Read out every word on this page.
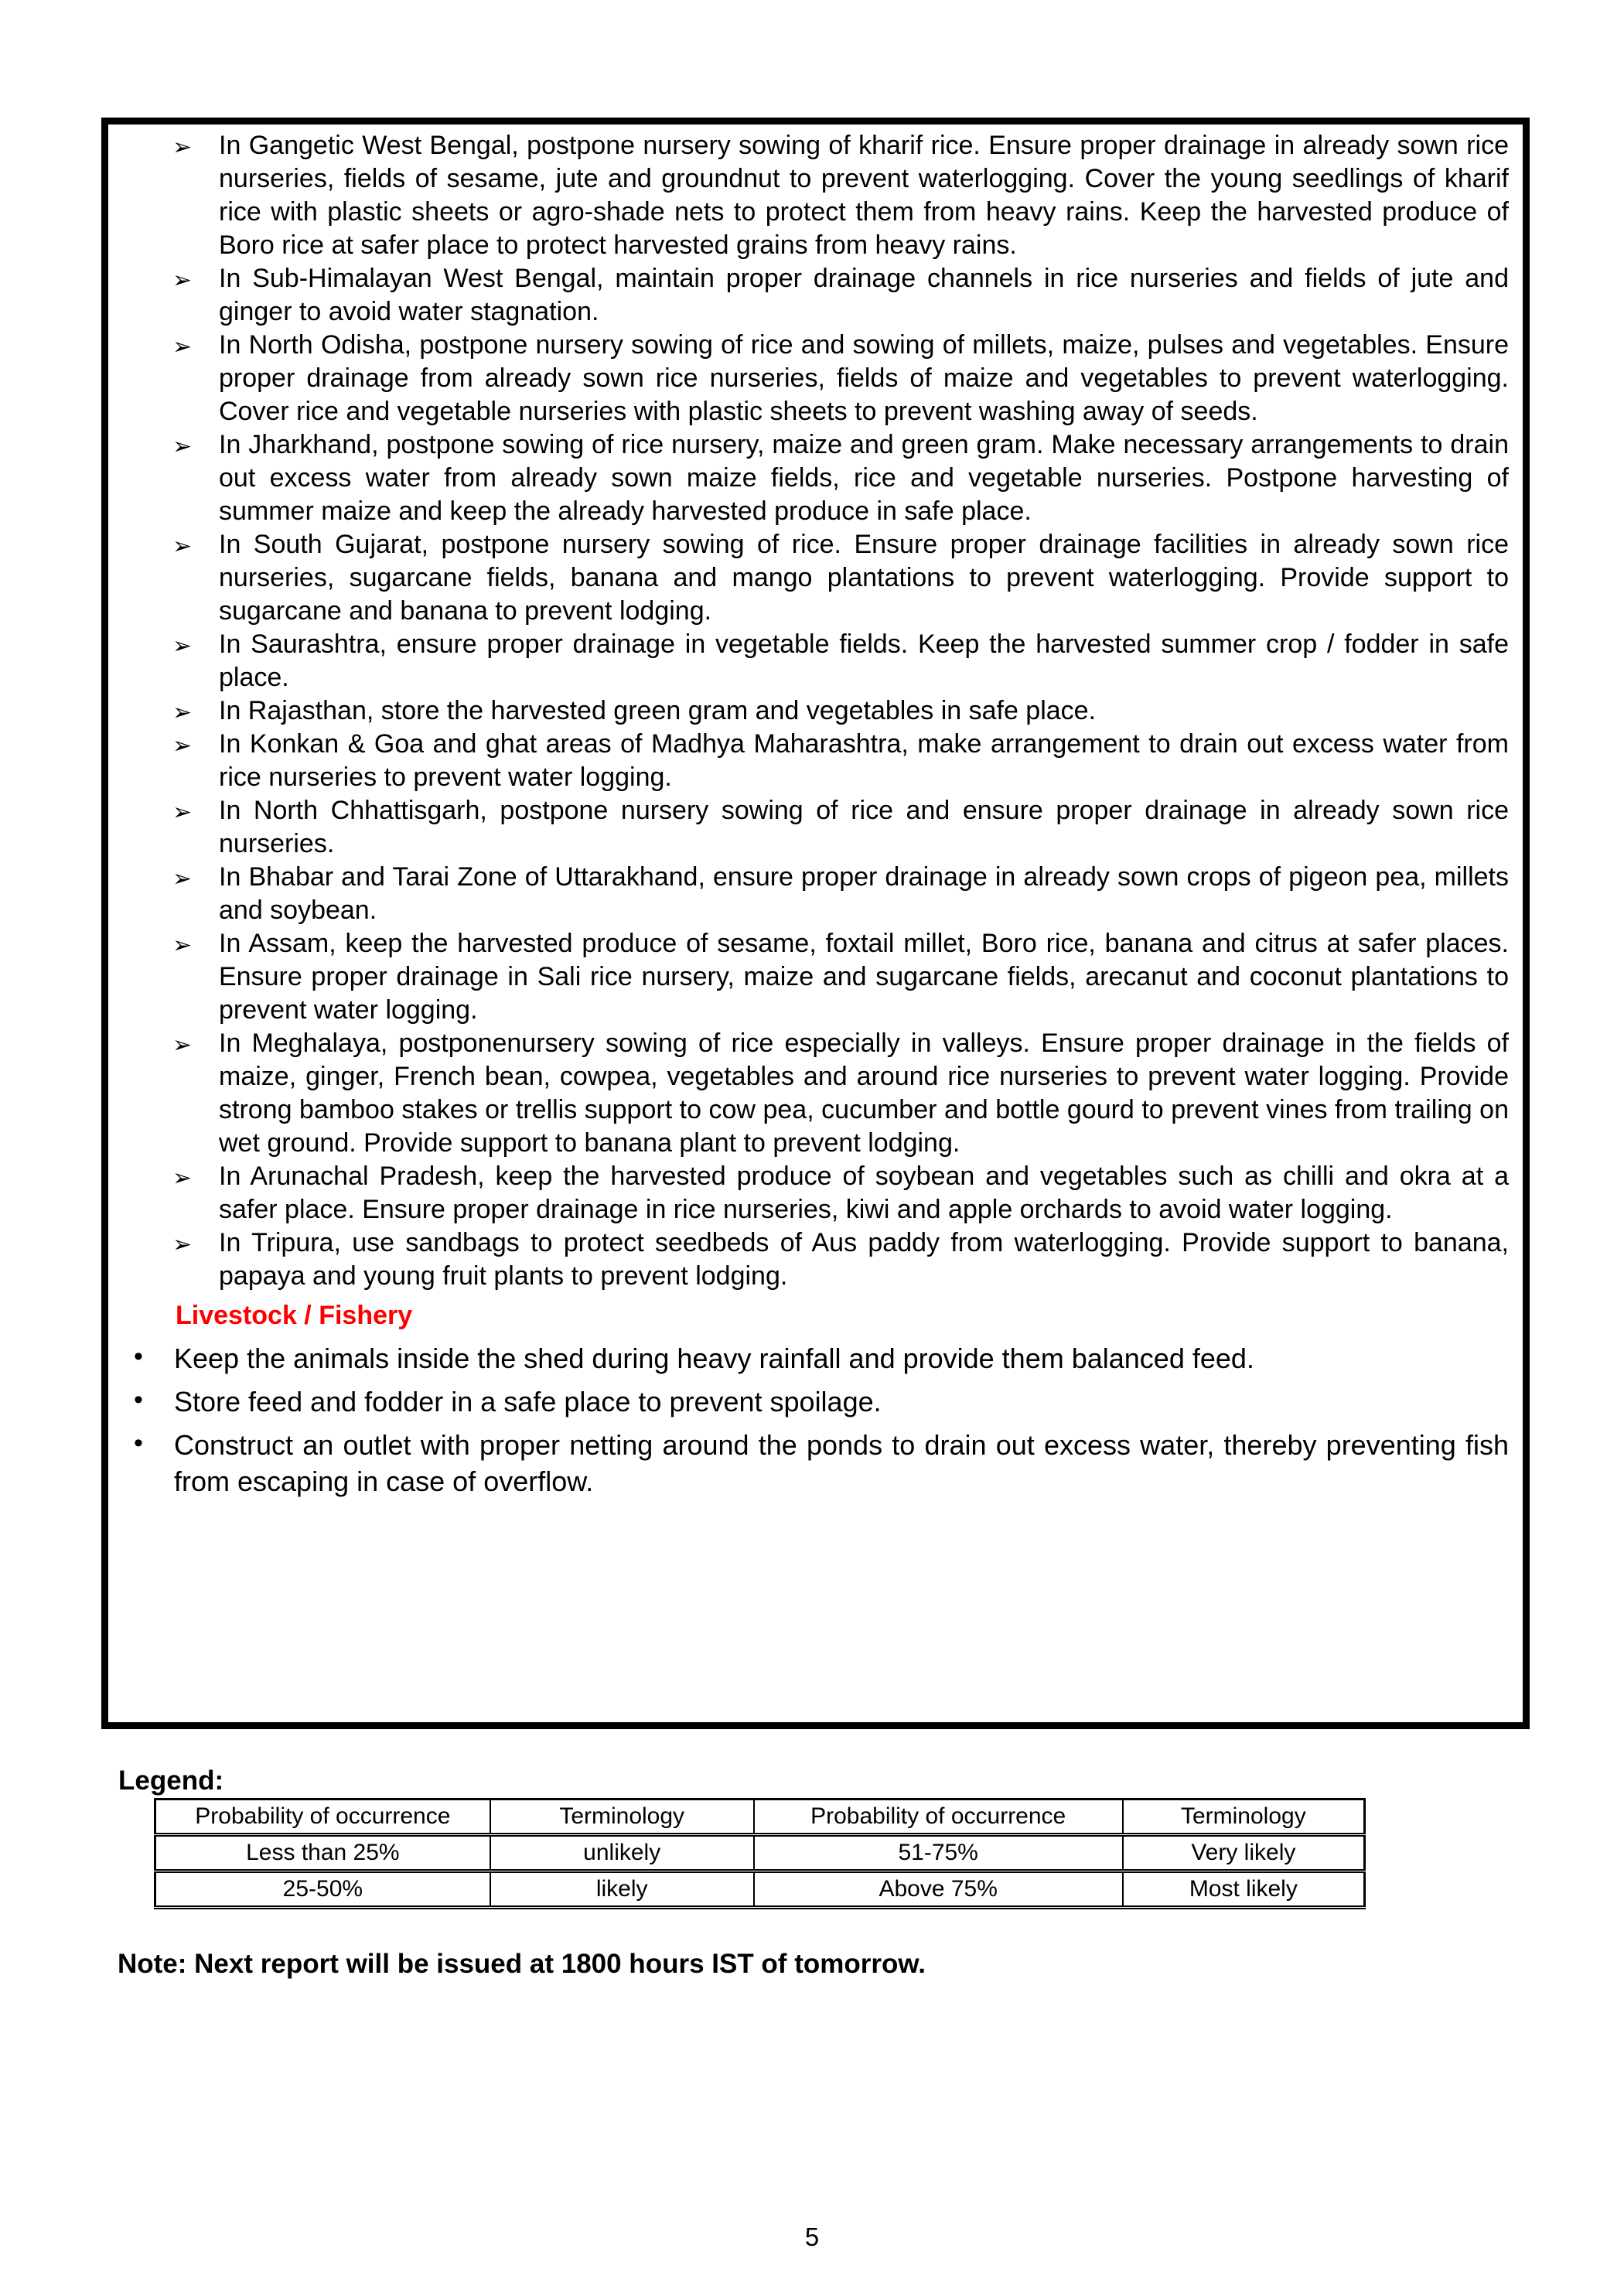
➢ In Gangetic West Bengal, postpone nursery sowing of kharif rice. Ensure proper drainage in already sown rice nurseries, fields of sesame, jute and groundnut to prevent waterlogging. Cover the young seedlings of kharif rice with plastic sheets or agro-shade nets to protect them from heavy rains. Keep the harvested produce of Boro rice at safer place to protect harvested grains from heavy rains.
➢ In Sub-Himalayan West Bengal, maintain proper drainage channels in rice nurseries and fields of jute and ginger to avoid water stagnation.
➢ In North Odisha, postpone nursery sowing of rice and sowing of millets, maize, pulses and vegetables. Ensure proper drainage from already sown rice nurseries, fields of maize and vegetables to prevent waterlogging. Cover rice and vegetable nurseries with plastic sheets to prevent washing away of seeds.
➢ In Jharkhand, postpone sowing of rice nursery, maize and green gram. Make necessary arrangements to drain out excess water from already sown maize fields, rice and vegetable nurseries. Postpone harvesting of summer maize and keep the already harvested produce in safe place.
➢ In South Gujarat, postpone nursery sowing of rice. Ensure proper drainage facilities in already sown rice nurseries, sugarcane fields, banana and mango plantations to prevent waterlogging. Provide support to sugarcane and banana to prevent lodging.
➢ In Saurashtra, ensure proper drainage in vegetable fields. Keep the harvested summer crop / fodder in safe place.
➢ In Rajasthan, store the harvested green gram and vegetables in safe place.
➢ In Konkan & Goa and ghat areas of Madhya Maharashtra, make arrangement to drain out excess water from rice nurseries to prevent water logging.
➢ In North Chhattisgarh, postpone nursery sowing of rice and ensure proper drainage in already sown rice nurseries.
➢ In Bhabar and Tarai Zone of Uttarakhand, ensure proper drainage in already sown crops of pigeon pea, millets and soybean.
➢ In Assam, keep the harvested produce of sesame, foxtail millet, Boro rice, banana and citrus at safer places. Ensure proper drainage in Sali rice nursery, maize and sugarcane fields, arecanut and coconut plantations to prevent water logging.
➢ In Meghalaya, postponenursery sowing of rice especially in valleys. Ensure proper drainage in the fields of maize, ginger, French bean, cowpea, vegetables and around rice nurseries to prevent water logging. Provide strong bamboo stakes or trellis support to cow pea, cucumber and bottle gourd to prevent vines from trailing on wet ground. Provide support to banana plant to prevent lodging.
➢ In Arunachal Pradesh, keep the harvested produce of soybean and vegetables such as chilli and okra at a safer place. Ensure proper drainage in rice nurseries, kiwi and apple orchards to avoid water logging.
➢ In Tripura, use sandbags to protect seedbeds of Aus paddy from waterlogging. Provide support to banana, papaya and young fruit plants to prevent lodging.
Livestock / Fishery
• Keep the animals inside the shed during heavy rainfall and provide them balanced feed.
• Store feed and fodder in a safe place to prevent spoilage.
• Construct an outlet with proper netting around the ponds to drain out excess water, thereby preventing fish from escaping in case of overflow.
Legend:
Probability of occurrence	Terminology	Probability of occurrence	Terminology
Less than 25%	unlikely	51-75%	Very likely
25-50%	likely	Above 75%	Most likely
Note: Next report will be issued at 1800 hours IST of tomorrow.
5
